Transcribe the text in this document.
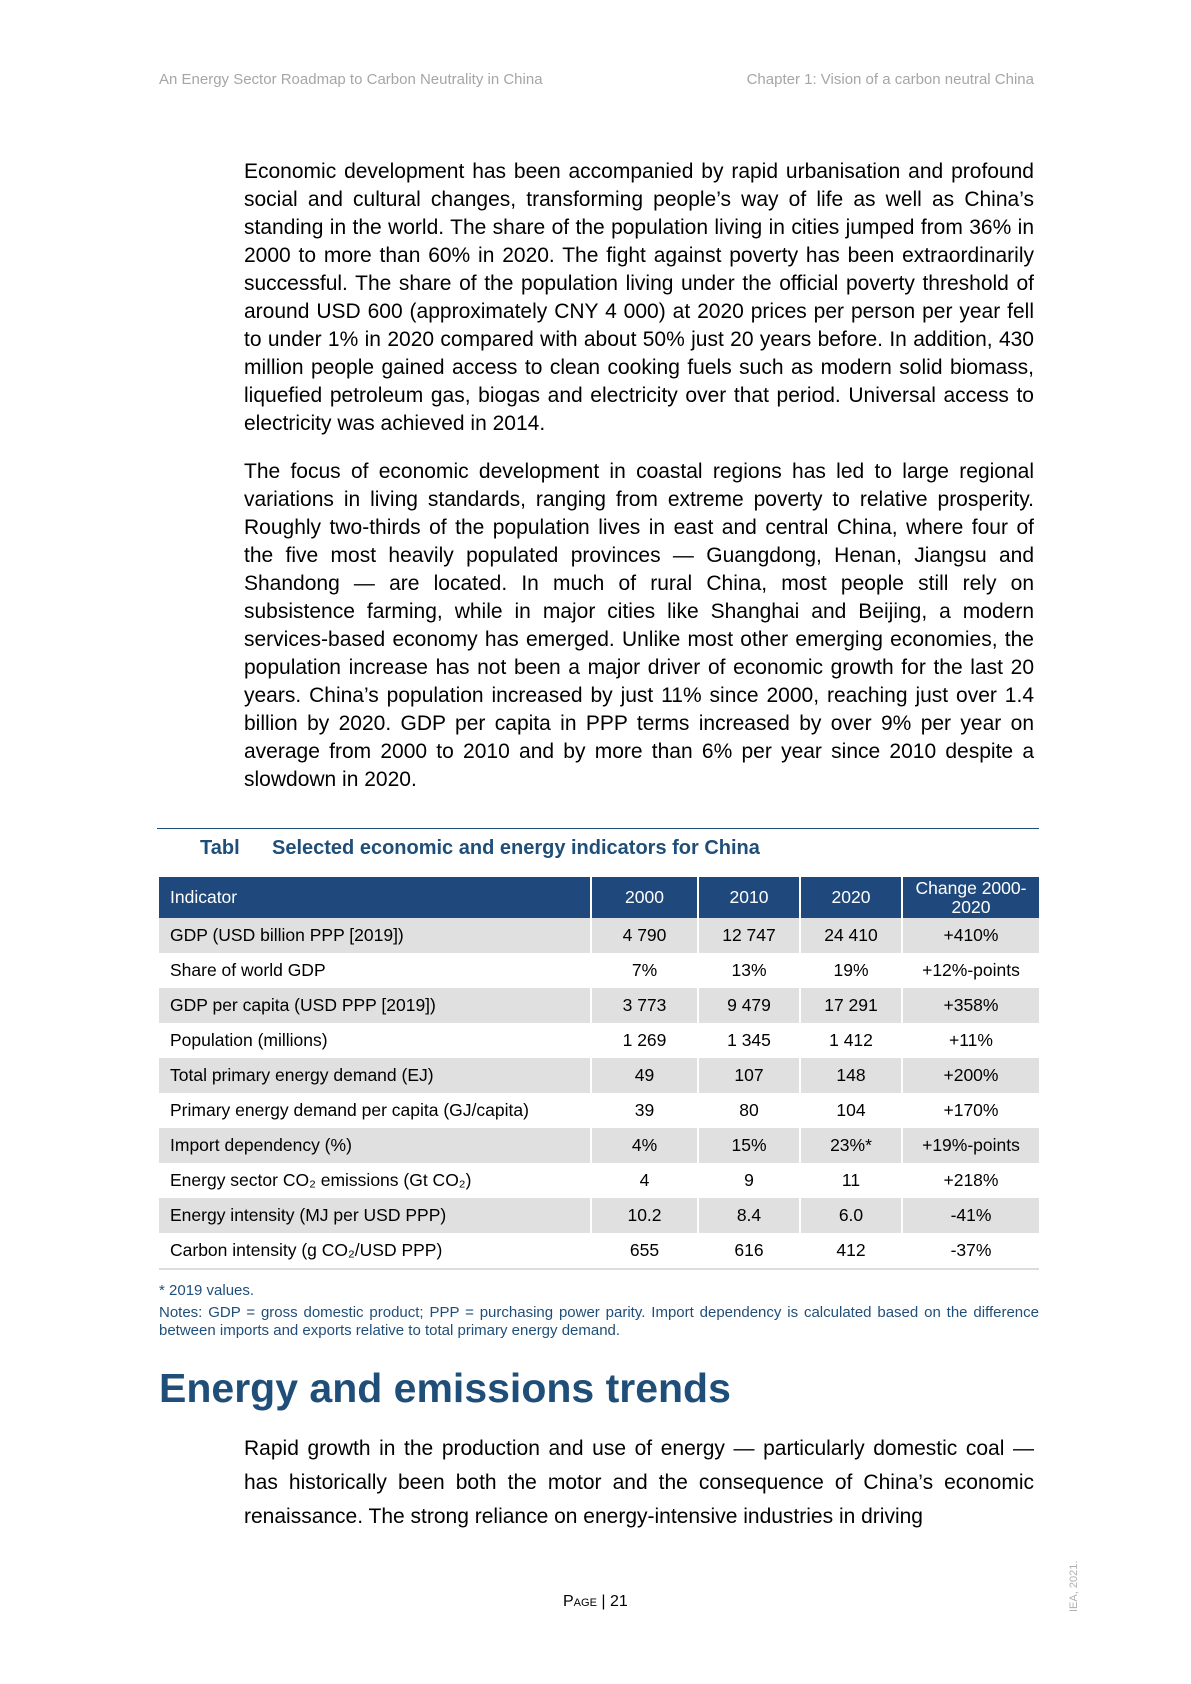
An Energy Sector Roadmap to Carbon Neutrality in China	Chapter 1: Vision of a carbon neutral China

Economic development has been accompanied by rapid urbanisation and profound social and cultural changes, transforming people’s way of life as well as China’s standing in the world. The share of the population living in cities jumped from 36% in 2000 to more than 60% in 2020. The fight against poverty has been extraordinarily successful. The share of the population living under the official poverty threshold of around USD 600 (approximately CNY 4 000) at 2020 prices per person per year fell to under 1% in 2020 compared with about 50% just 20 years before. In addition, 430 million people gained access to clean cooking fuels such as modern solid biomass, liquefied petroleum gas, biogas and electricity over that period. Universal access to electricity was achieved in 2014.

The focus of economic development in coastal regions has led to large regional variations in living standards, ranging from extreme poverty to relative prosperity. Roughly two-thirds of the population lives in east and central China, where four of the five most heavily populated provinces — Guangdong, Henan, Jiangsu and Shandong — are located. In much of rural China, most people still rely on subsistence farming, while in major cities like Shanghai and Beijing, a modern services-based economy has emerged. Unlike most other emerging economies, the population increase has not been a major driver of economic growth for the last 20 years. China’s population increased by just 11% since 2000, reaching just over 1.4 billion by 2020. GDP per capita in PPP terms increased by over 9% per year on average from 2000 to 2010 and by more than 6% per year since 2010 despite a slowdown in 2020.

Tabl Selected economic and energy indicators for China
Indicator	2000	2010	2020	Change 2000-2020
GDP (USD billion PPP [2019])	4 790	12 747	24 410	+410%
Share of world GDP	7%	13%	19%	+12%-points
GDP per capita (USD PPP [2019])	3 773	9 479	17 291	+358%
Population (millions)	1 269	1 345	1 412	+11%
Total primary energy demand (EJ)	49	107	148	+200%
Primary energy demand per capita (GJ/capita)	39	80	104	+170%
Import dependency (%)	4%	15%	23%*	+19%-points
Energy sector CO₂ emissions (Gt CO₂)	4	9	11	+218%
Energy intensity (MJ per USD PPP)	10.2	8.4	6.0	-41%
Carbon intensity (g CO₂/USD PPP)	655	616	412	-37%
* 2019 values.
Notes: GDP = gross domestic product; PPP = purchasing power parity. Import dependency is calculated based on the difference between imports and exports relative to total primary energy demand.
Energy and emissions trends
Rapid growth in the production and use of energy — particularly domestic coal — has historically been both the motor and the consequence of China’s economic renaissance. The strong reliance on energy-intensive industries in driving
Page | 21	IEA, 2021.
